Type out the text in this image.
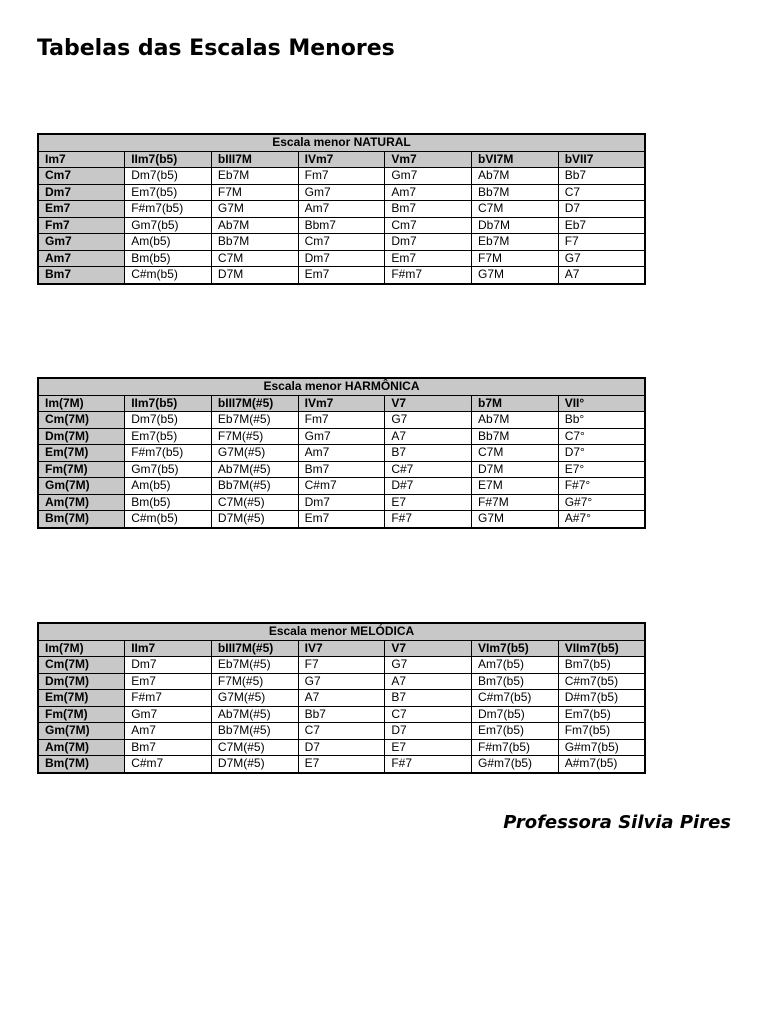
Tabelas das Escalas Menores
Escala menor NATURAL						
Im7	IIm7(b5)	bIII7M	IVm7	Vm7	bVI7M	bVII7
Cm7	Dm7(b5)	Eb7M	Fm7	Gm7	Ab7M	Bb7
Dm7	Em7(b5)	F7M	Gm7	Am7	Bb7M	C7
Em7	F#m7(b5)	G7M	Am7	Bm7	C7M	D7
Fm7	Gm7(b5)	Ab7M	Bbm7	Cm7	Db7M	Eb7
Gm7	Am(b5)	Bb7M	Cm7	Dm7	Eb7M	F7
Am7	Bm(b5)	C7M	Dm7	Em7	F7M	G7
Bm7	C#m(b5)	D7M	Em7	F#m7	G7M	A7
Escala menor HARMÔNICA						
Im(7M)	IIm7(b5)	bIII7M(#5)	IVm7	V7	b7M	VII°
Cm(7M)	Dm7(b5)	Eb7M(#5)	Fm7	G7	Ab7M	Bb°
Dm(7M)	Em7(b5)	F7M(#5)	Gm7	A7	Bb7M	C7°
Em(7M)	F#m7(b5)	G7M(#5)	Am7	B7	C7M	D7°
Fm(7M)	Gm7(b5)	Ab7M(#5)	Bm7	C#7	D7M	E7°
Gm(7M)	Am(b5)	Bb7M(#5)	C#m7	D#7	E7M	F#7°
Am(7M)	Bm(b5)	C7M(#5)	Dm7	E7	F#7M	G#7°
Bm(7M)	C#m(b5)	D7M(#5)	Em7	F#7	G7M	A#7°
Escala menor MELÓDICA						
Im(7M)	IIm7	bIII7M(#5)	IV7	V7	VIm7(b5)	VIIm7(b5)
Cm(7M)	Dm7	Eb7M(#5)	F7	G7	Am7(b5)	Bm7(b5)
Dm(7M)	Em7	F7M(#5)	G7	A7	Bm7(b5)	C#m7(b5)
Em(7M)	F#m7	G7M(#5)	A7	B7	C#m7(b5)	D#m7(b5)
Fm(7M)	Gm7	Ab7M(#5)	Bb7	C7	Dm7(b5)	Em7(b5)
Gm(7M)	Am7	Bb7M(#5)	C7	D7	Em7(b5)	Fm7(b5)
Am(7M)	Bm7	C7M(#5)	D7	E7	F#m7(b5)	G#m7(b5)
Bm(7M)	C#m7	D7M(#5)	E7	F#7	G#m7(b5)	A#m7(b5)

Professora Silvia Pires
